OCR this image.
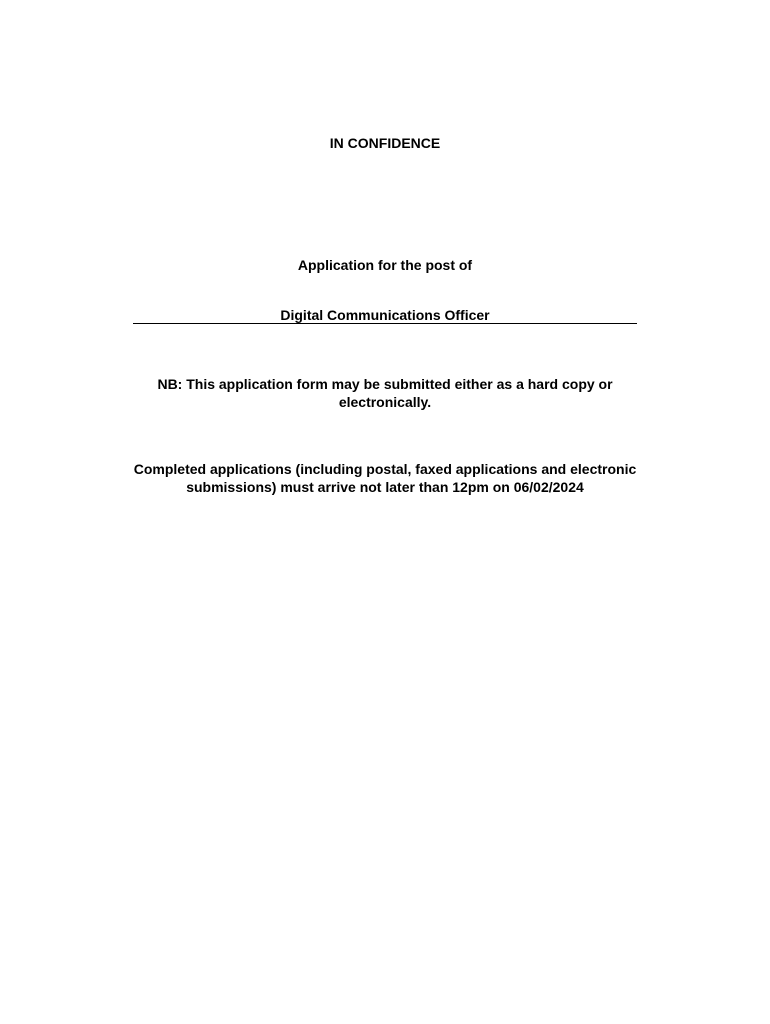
IN CONFIDENCE
Application for the post of
Digital Communications Officer
NB: This application form may be submitted either as a hard copy or
electronically.
Completed applications (including postal, faxed applications and electronic
submissions) must arrive not later than 12pm on 06/02/2024
